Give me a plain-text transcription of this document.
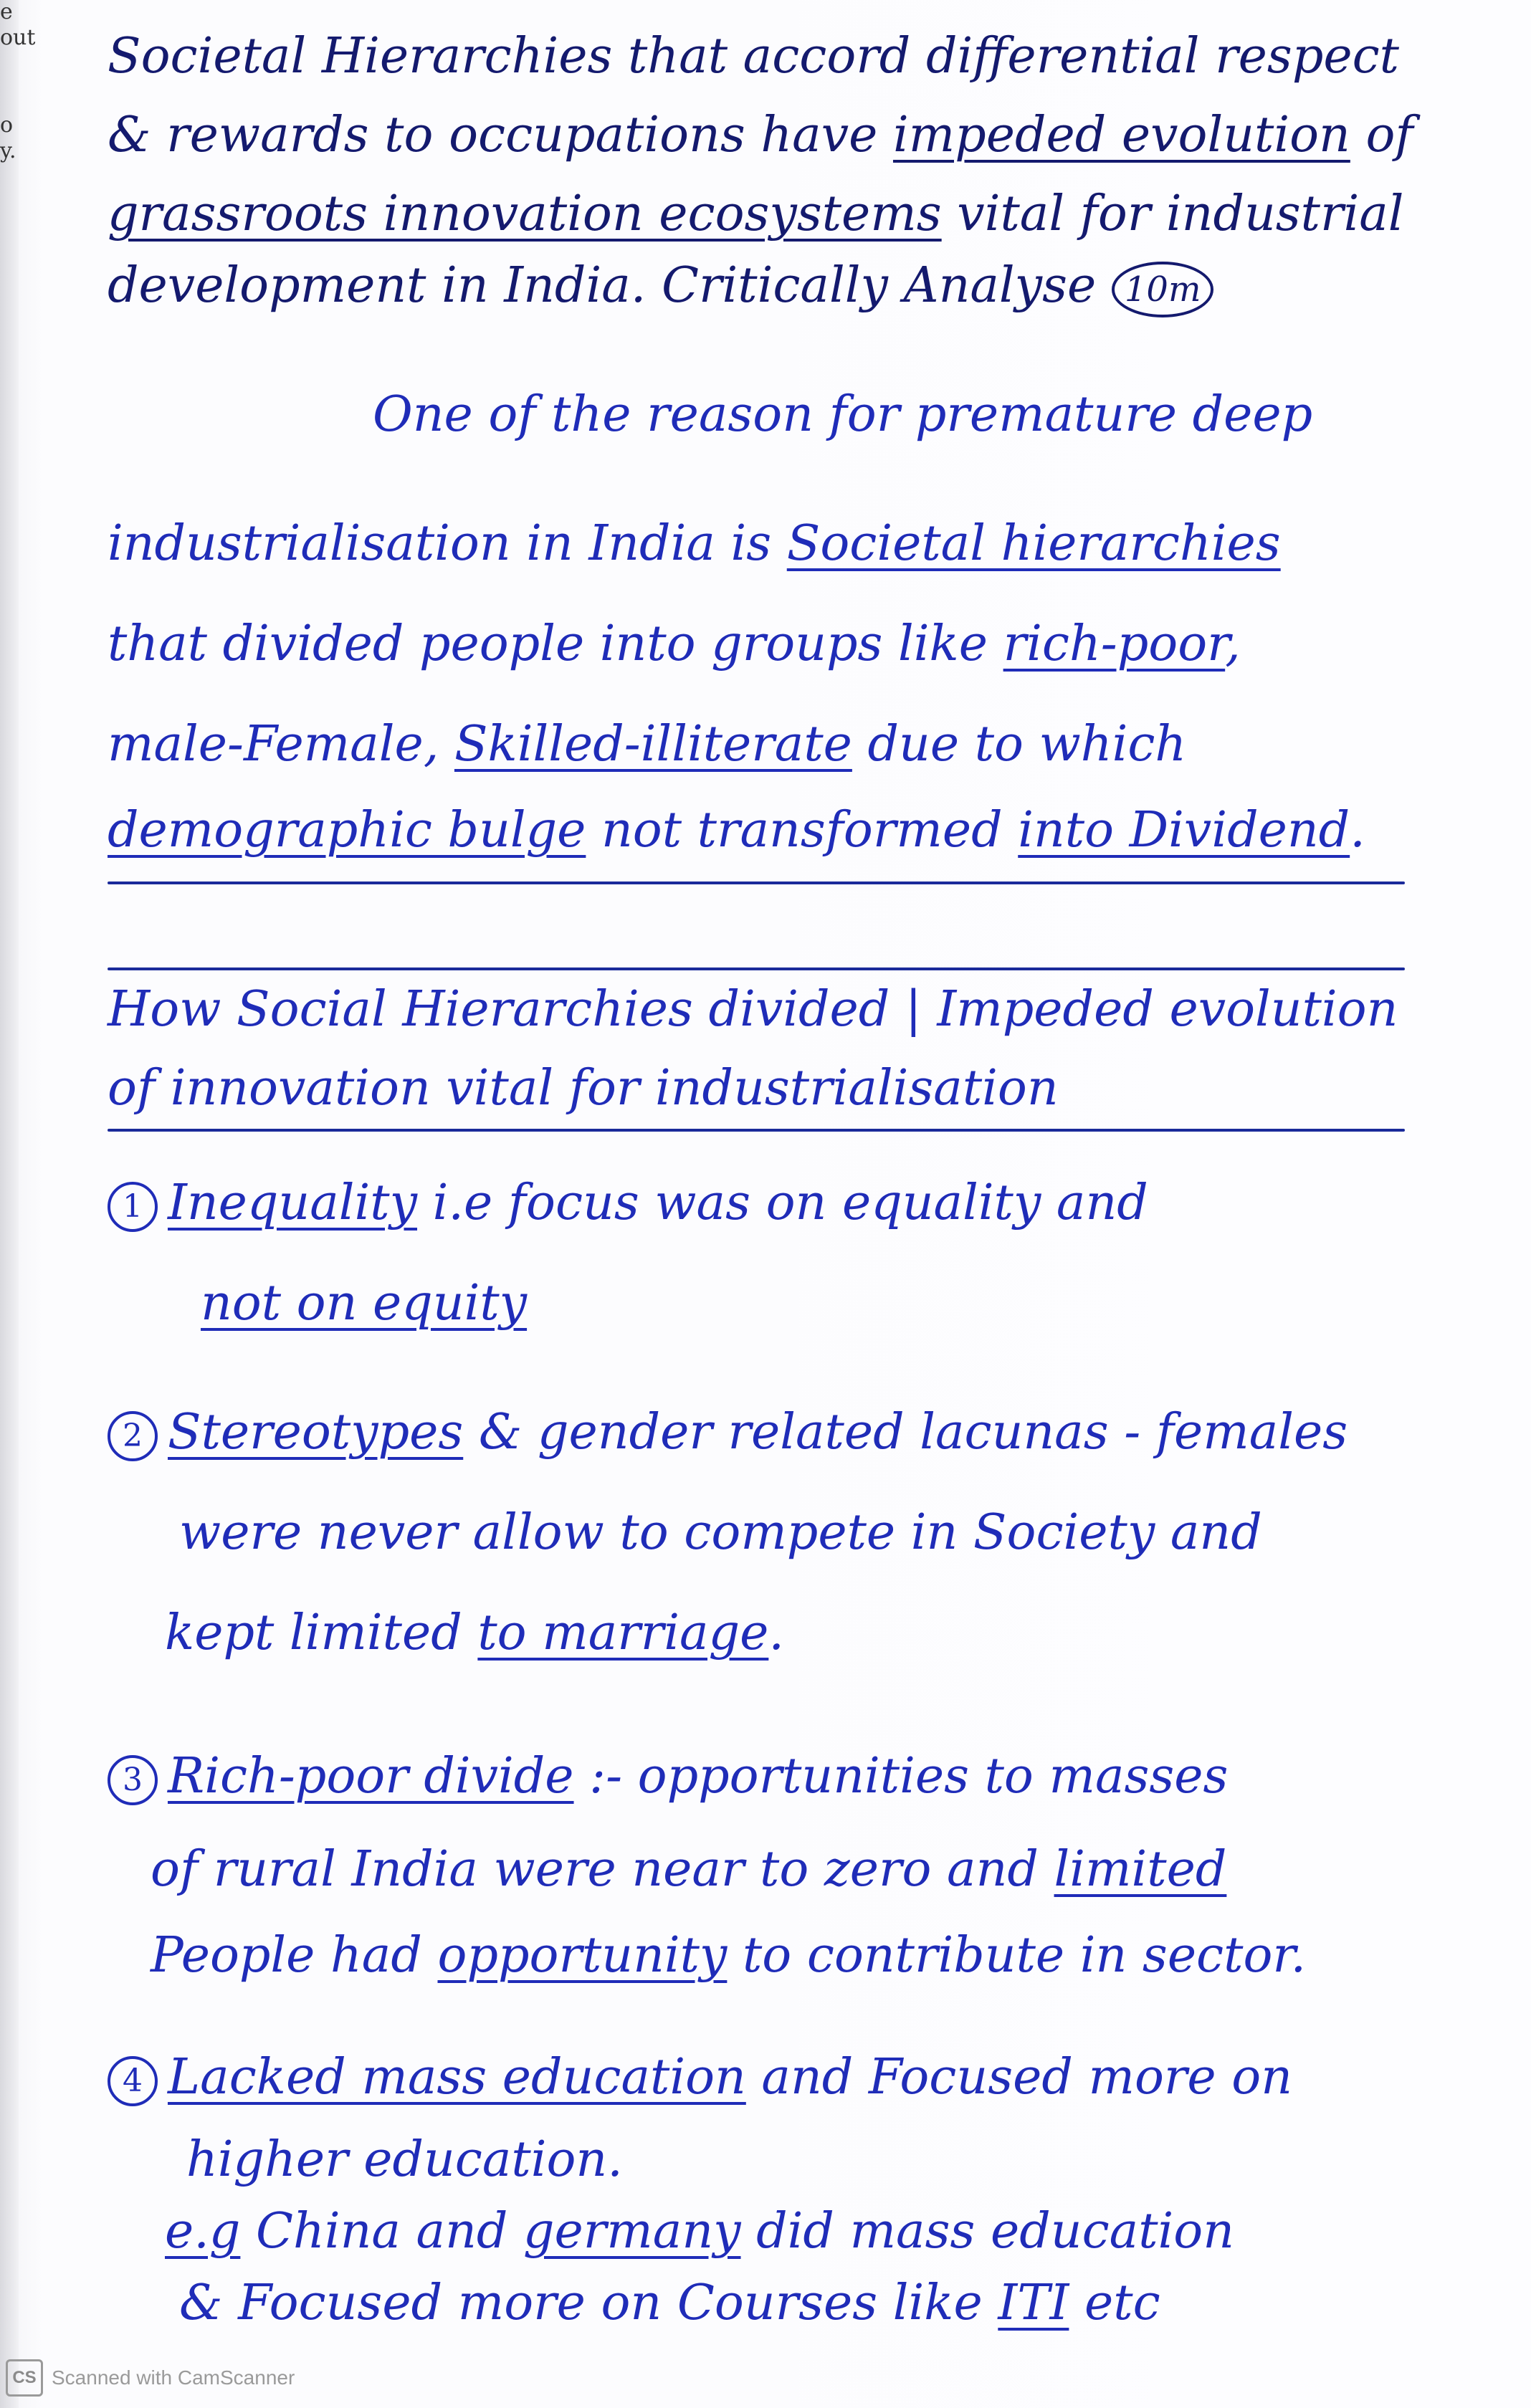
e
out
o
y.
Societal Hierarchies that accord differential respect
& rewards to occupations have impeded evolution of
grassroots innovation ecosystems vital for industrial
development in India. Critically Analyse 10m
One of the reason for premature deep
industrialisation in India is Societal hierarchies
that divided people into groups like rich-poor,
male-Female, Skilled-illiterate due to which
demographic bulge not transformed into Dividend.
How Social Hierarchies divided | Impeded evolution
of innovation vital for industrialisation
1 Inequality i.e focus was on equality and
not on equity
2 Stereotypes & gender related lacunas - females
were never allow to compete in Society and
kept limited to marriage.
3 Rich-poor divide :- opportunities to masses
of rural India were near to zero and limited
People had opportunity to contribute in sector.
4 Lacked mass education and Focused more on
higher education.
e.g China and germany did mass education
& Focused more on Courses like ITI etc
CS Scanned with CamScanner
